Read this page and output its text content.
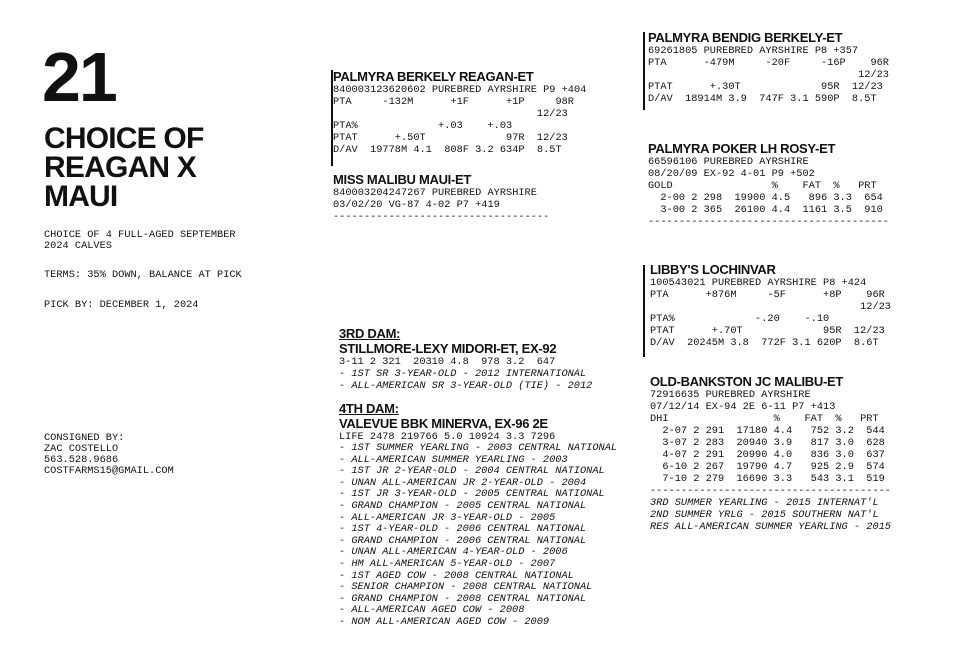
21
CHOICE OF
REAGAN X
MAUI
CHOICE OF 4 FULL-AGED SEPTEMBER
2024 CALVES
TERMS: 35% DOWN, BALANCE AT PICK
PICK BY: DECEMBER 1, 2024
CONSIGNED BY:
ZAC COSTELLO
563.528.9686
COSTFARMS15@GMAIL.COM
PALMYRA BERKELY REAGAN-ET
840003123620602 PUREBRED AYRSHIRE P9 +404
PTA     -132M      +1F      +1P     98R
12/23
PTA%             +.03    +.03
PTAT      +.50T             97R  12/23
D/AV  19778M 4.1  808F 3.2 634P  8.5T
MISS MALIBU MAUI-ET
840003204247267 PUREBRED AYRSHIRE
03/02/20 VG-87 4-02 P7 +419
-----------------------------------
3RD DAM:
STILLMORE-LEXY MIDORI-ET, EX-92
3-11 2 321  20310 4.8  978 3.2  647
- 1ST SR 3-YEAR-OLD - 2012 INTERNATIONAL
- ALL-AMERICAN SR 3-YEAR-OLD (TIE) - 2012
4TH DAM:
VALEVUE BBK MINERVA, EX-96 2E
LIFE 2478 219766 5.0 10924 3.3 7296
- 1ST SUMMER YEARLING - 2003 CENTRAL NATIONAL
- ALL-AMERICAN SUMMER YEARLING - 2003
- 1ST JR 2-YEAR-OLD - 2004 CENTRAL NATIONAL
- UNAN ALL-AMERICAN JR 2-YEAR-OLD - 2004
- 1ST JR 3-YEAR-OLD - 2005 CENTRAL NATIONAL
- GRAND CHAMPION - 2005 CENTRAL NATIONAL
- ALL-AMERICAN JR 3-YEAR-OLD - 2005
- 1ST 4-YEAR-OLD - 2006 CENTRAL NATIONAL
- GRAND CHAMPION - 2006 CENTRAL NATIONAL
- UNAN ALL-AMERICAN 4-YEAR-OLD - 2006
- HM ALL-AMERICAN 5-YEAR-OLD - 2007
- 1ST AGED COW - 2008 CENTRAL NATIONAL
- SENIOR CHAMPION - 2008 CENTRAL NATIONAL
- GRAND CHAMPION - 2008 CENTRAL NATIONAL
- ALL-AMERICAN AGED COW - 2008
- NOM ALL-AMERICAN AGED COW - 2009
PALMYRA BENDIG BERKELY-ET
69261805 PUREBRED AYRSHIRE P8 +357
PTA      -479M     -20F     -16P    96R
12/23
PTAT      +.30T             95R  12/23
D/AV  18914M 3.9  747F 3.1 590P  8.5T
PALMYRA POKER LH ROSY-ET
66596106 PUREBRED AYRSHIRE
08/20/09 EX-92 4-01 P9 +502
GOLD                %    FAT  %   PRT
2-00 2 298  19900 4.5   896 3.3  654
3-00 2 365  26100 4.4  1161 3.5  910
---------------------------------------
LIBBY'S LOCHINVAR
100543021 PUREBRED AYRSHIRE P8 +424
PTA      +876M     -5F      +8P    96R
12/23
PTA%             -.20    -.10
PTAT      +.70T             95R  12/23
D/AV  20245M 3.8  772F 3.1 620P  8.6T
OLD-BANKSTON JC MALIBU-ET
72916635 PUREBRED AYRSHIRE
07/12/14 EX-94 2E 6-11 P7 +413
DHI                 %    FAT  %   PRT
2-07 2 291  17180 4.4   752 3.2  544
3-07 2 283  20940 3.9   817 3.0  628
4-07 2 291  20990 4.0   836 3.0  637
6-10 2 267  19790 4.7   925 2.9  574
7-10 2 279  16690 3.3   543 3.1  519
---------------------------------------
3RD SUMMER YEARLING - 2015 INTERNAT'L
2ND SUMMER YRLG - 2015 SOUTHERN NAT'L
RES ALL-AMERICAN SUMMER YEARLING - 2015
